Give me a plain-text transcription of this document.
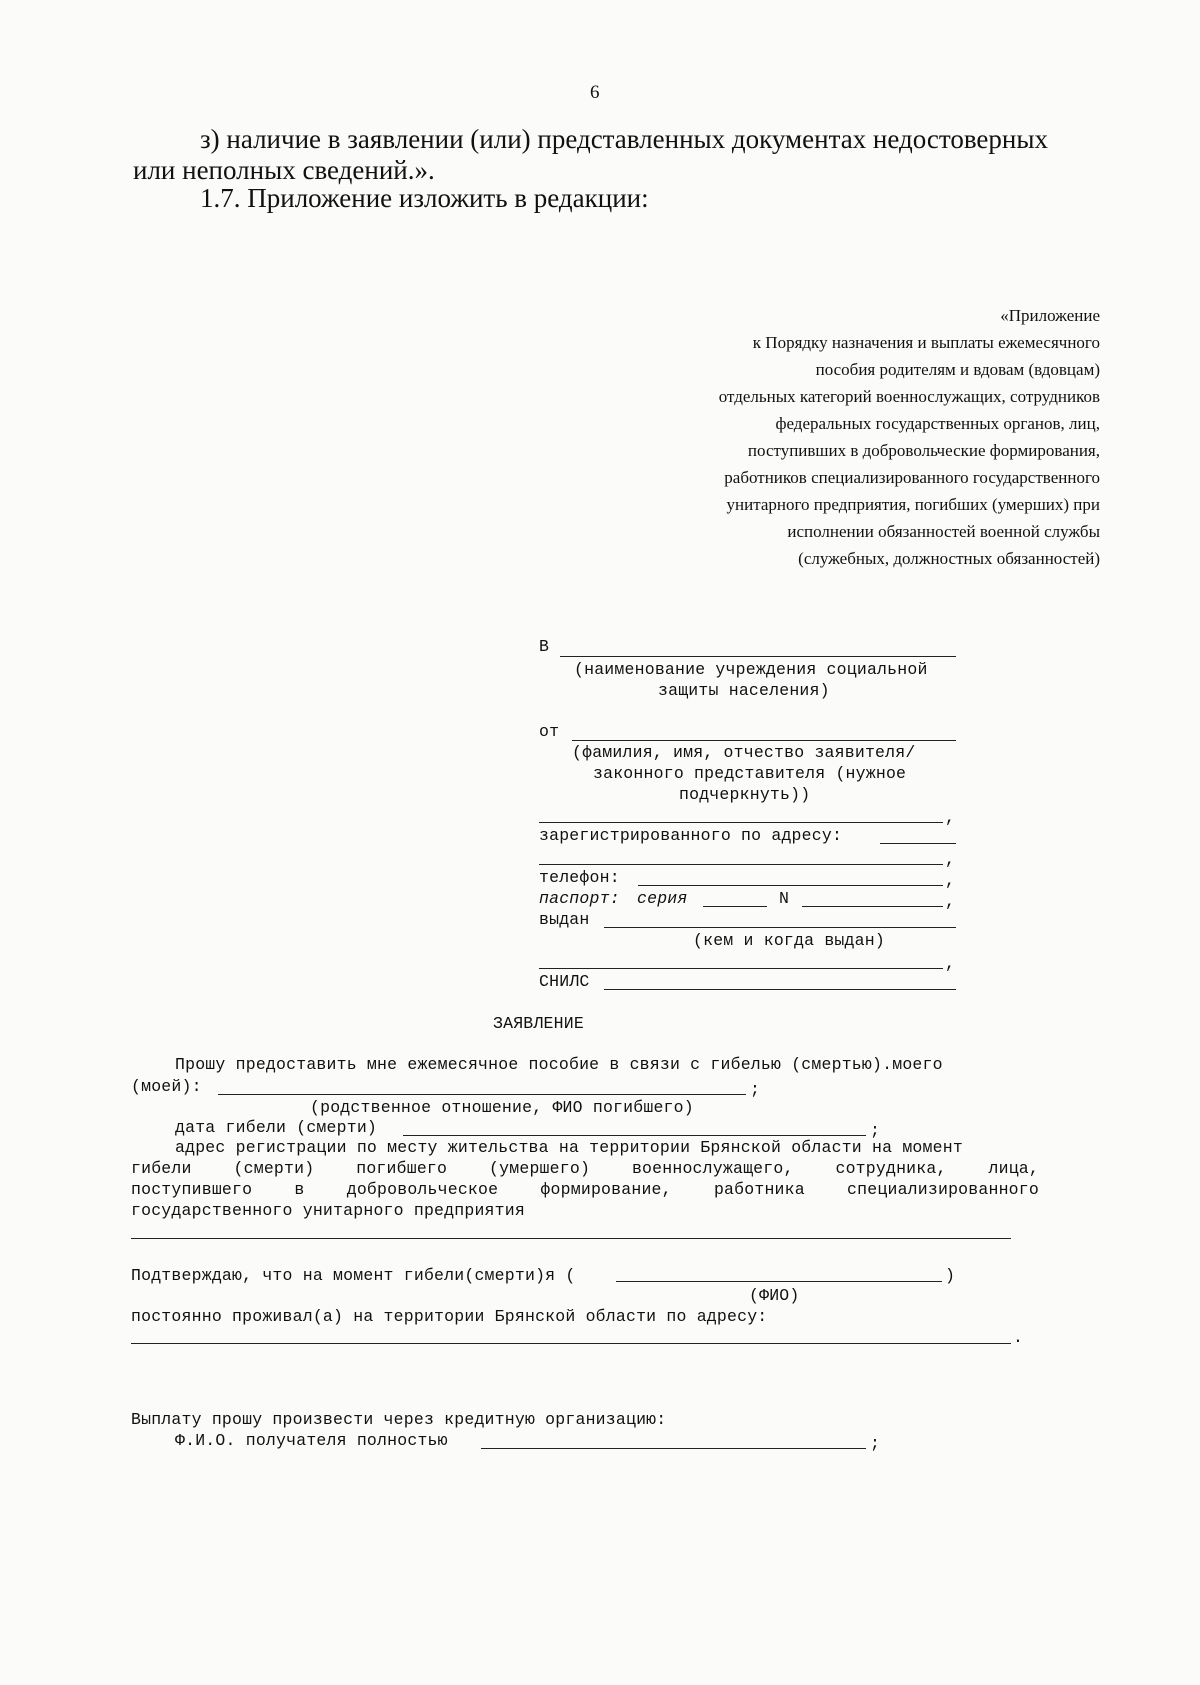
6
з) наличие в заявлении (или) представленных документах недостоверных
или неполных сведений.».
1.7. Приложение изложить в редакции:
«Приложение
к Порядку назначения и выплаты ежемесячного
пособия родителям и вдовам (вдовцам)
отдельных категорий военнослужащих, сотрудников
федеральных государственных органов, лиц,
поступивших в добровольческие формирования,
работников специализированного государственного
унитарного предприятия, погибших (умерших) при
исполнении обязанностей военной службы
(служебных, должностных обязанностей)
В
(наименование учреждения социальной
защиты населения)
от
(фамилия, имя, отчество заявителя/
законного представителя (нужное
подчеркнуть))
,
зарегистрированного по адресу:
,
телефон:	,
паспорт: серия	N	,
выдан
(кем и когда выдан)
,
СНИЛС
ЗАЯВЛЕНИЕ
Прошу предоставить мне ежемесячное пособие в связи с гибелью (смертью).моего
(моей):	;
(родственное отношение, ФИО погибшего)
дата гибели (смерти)	;
адрес регистрации по месту жительства на территории Брянской области на момент
гибели (смерти) погибшего (умершего) военнослужащего, сотрудника, лица,
поступившего в добровольческое формирование, работника специализированного
государственного унитарного предприятия
Подтверждаю, что на момент гибели(смерти)я (	)
(ФИО)
постоянно проживал(а) на территории Брянской области по адресу:
.
Выплату прошу произвести через кредитную организацию:
Ф.И.О. получателя полностью	;
